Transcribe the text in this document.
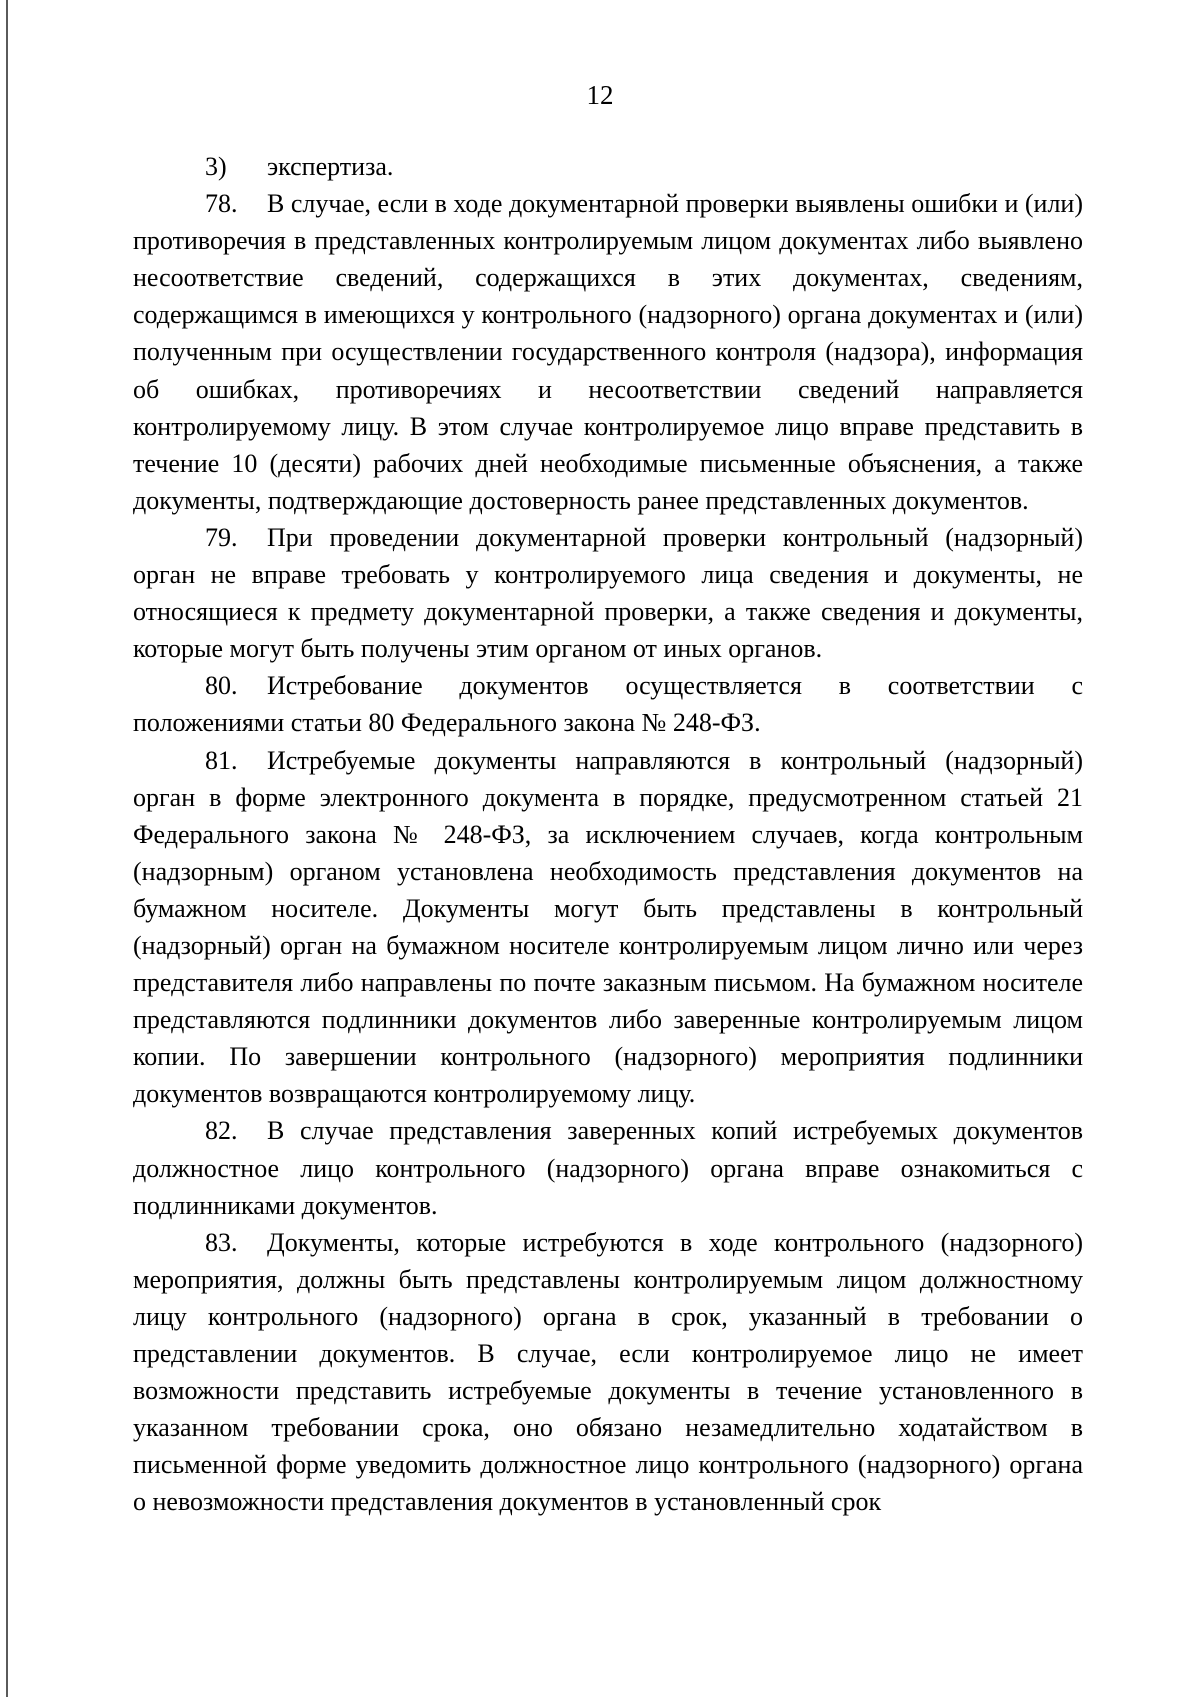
12

3) экспертиза.

78. В случае, если в ходе документарной проверки выявлены ошибки и (или) противоречия в представленных контролируемым лицом документах либо выявлено несоответствие сведений, содержащихся в этих документах, сведениям, содержащимся в имеющихся у контрольного (надзорного) органа документах и (или) полученным при осуществлении государственного контроля (надзора), информация об ошибках, противоречиях и несоответствии сведений направляется контролируемому лицу. В этом случае контролируемое лицо вправе представить в течение 10 (десяти) рабочих дней необходимые письменные объяснения, а также документы, подтверждающие достоверность ранее представленных документов.

79. При проведении документарной проверки контрольный (надзорный) орган не вправе требовать у контролируемого лица сведения и документы, не относящиеся к предмету документарной проверки, а также сведения и документы, которые могут быть получены этим органом от иных органов.

80. Истребование документов осуществляется в соответствии с положениями статьи 80 Федерального закона № 248-ФЗ.

81. Истребуемые документы направляются в контрольный (надзорный) орган в форме электронного документа в порядке, предусмотренном статьей 21 Федерального закона № 248-ФЗ, за исключением случаев, когда контрольным (надзорным) органом установлена необходимость представления документов на бумажном носителе. Документы могут быть представлены в контрольный (надзорный) орган на бумажном носителе контролируемым лицом лично или через представителя либо направлены по почте заказным письмом. На бумажном носителе представляются подлинники документов либо заверенные контролируемым лицом копии. По завершении контрольного (надзорного) мероприятия подлинники документов возвращаются контролируемому лицу.

82. В случае представления заверенных копий истребуемых документов должностное лицо контрольного (надзорного) органа вправе ознакомиться с подлинниками документов.

83. Документы, которые истребуются в ходе контрольного (надзорного) мероприятия, должны быть представлены контролируемым лицом должностному лицу контрольного (надзорного) органа в срок, указанный в требовании о представлении документов. В случае, если контролируемое лицо не имеет возможности представить истребуемые документы в течение установленного в указанном требовании срока, оно обязано незамедлительно ходатайством в письменной форме уведомить должностное лицо контрольного (надзорного) органа о невозможности представления документов в установленный срок
